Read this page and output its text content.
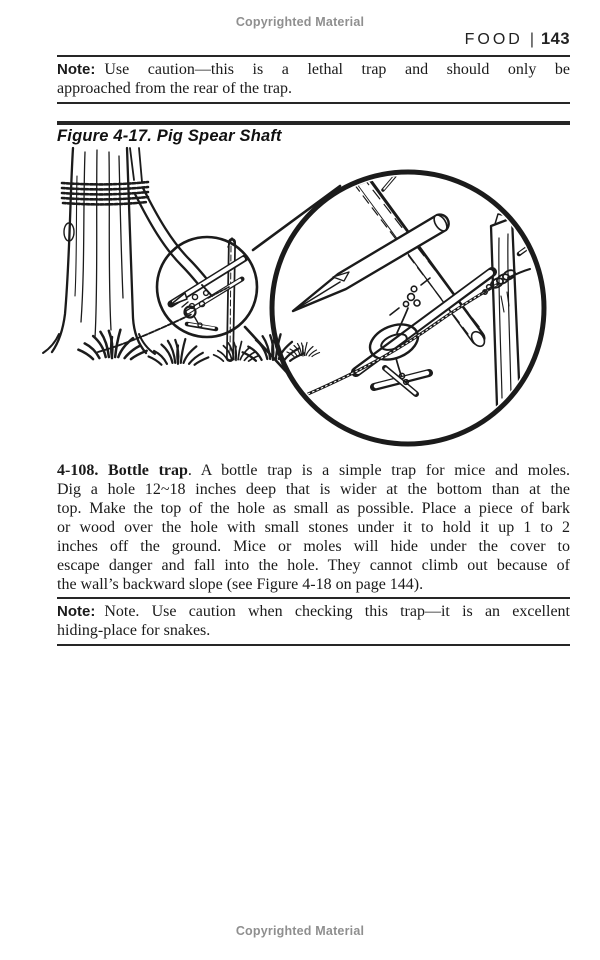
Copyrighted Material
FOOD | 143
Note: Use caution—this is a lethal trap and should only be
approached from the rear of the trap.
Figure 4-17. Pig Spear Shaft
4-108. Bottle trap. A bottle trap is a simple trap for mice and moles.
Dig a hole 12~18 inches deep that is wider at the bottom than at the
top. Make the top of the hole as small as possible. Place a piece of bark
or wood over the hole with small stones under it to hold it up 1 to 2
inches off the ground. Mice or moles will hide under the cover to
escape danger and fall into the hole. They cannot climb out because of
the wall’s backward slope (see Figure 4-18 on page 144).
Note: Note. Use caution when checking this trap—it is an excellent
hiding-place for snakes.
Copyrighted Material
